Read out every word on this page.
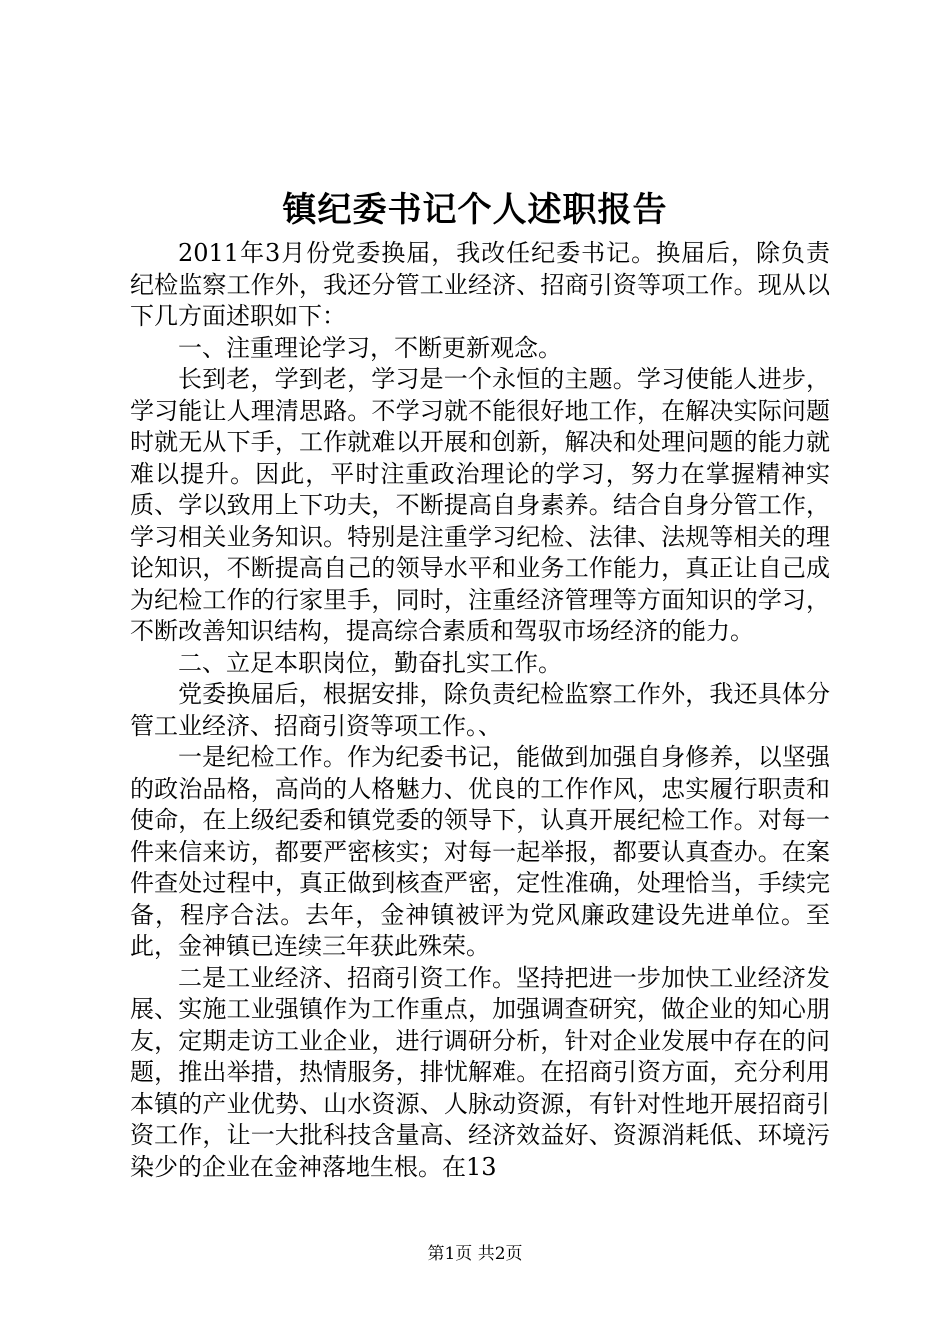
镇纪委书记个人述职报告

2011年3月份党委换届，我改任纪委书记。换届后，除负责纪检监察工作外，我还分管工业经济、招商引资等项工作。现从以下几方面述职如下：

一、注重理论学习，不断更新观念。

长到老，学到老，学习是一个永恒的主题。学习使能人进步，学习能让人理清思路。不学习就不能很好地工作，在解决实际问题时就无从下手，工作就难以开展和创新，解决和处理问题的能力就难以提升。因此，平时注重政治理论的学习，努力在掌握精神实质、学以致用上下功夫，不断提高自身素养。结合自身分管工作，学习相关业务知识。特别是注重学习纪检、法律、法规等相关的理论知识，不断提高自己的领导水平和业务工作能力，真正让自己成为纪检工作的行家里手，同时，注重经济管理等方面知识的学习，不断改善知识结构，提高综合素质和驾驭市场经济的能力。

二、立足本职岗位，勤奋扎实工作。

党委换届后，根据安排，除负责纪检监察工作外，我还具体分管工业经济、招商引资等项工作。、

一是纪检工作。作为纪委书记，能做到加强自身修养，以坚强的政治品格，高尚的人格魅力、优良的工作作风，忠实履行职责和使命，在上级纪委和镇党委的领导下，认真开展纪检工作。对每一件来信来访，都要严密核实；对每一起举报，都要认真查办。在案件查处过程中，真正做到核查严密，定性准确，处理恰当，手续完备，程序合法。去年，金神镇被评为党风廉政建设先进单位。至此，金神镇已连续三年获此殊荣。

二是工业经济、招商引资工作。坚持把进一步加快工业经济发展、实施工业强镇作为工作重点，加强调查研究，做企业的知心朋友，定期走访工业企业，进行调研分析，针对企业发展中存在的问题，推出举措，热情服务，排忧解难。在招商引资方面，充分利用本镇的产业优势、山水资源、人脉动资源，有针对性地开展招商引资工作，让一大批科技含量高、经济效益好、资源消耗低、环境污染少的企业在金神落地生根。在13

第1页 共2页
